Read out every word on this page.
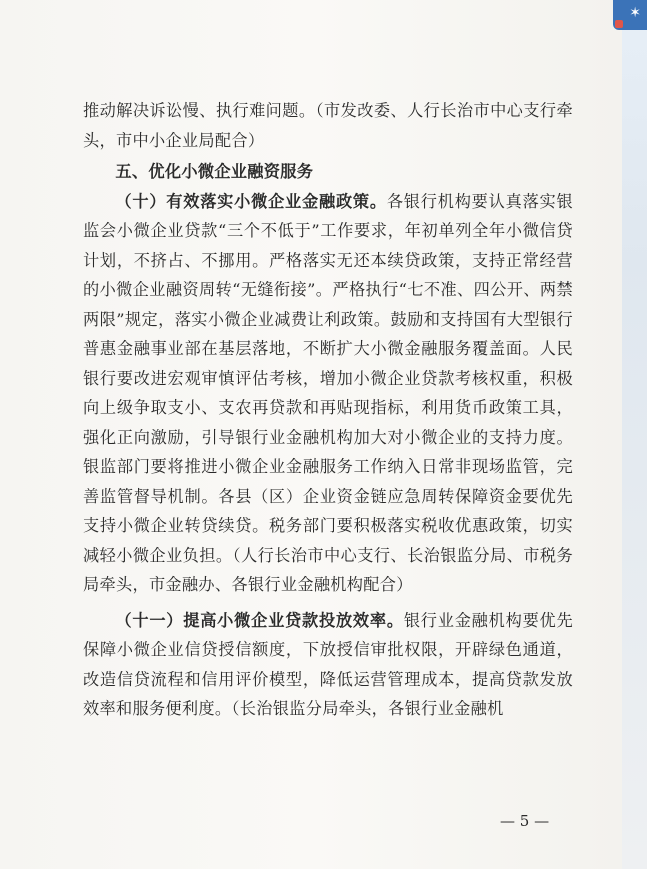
推动解决诉讼慢、执行难问题。（市发改委、人行长治市中心支行牵头，市中小企业局配合）

五、优化小微企业融资服务

（十）有效落实小微企业金融政策。各银行机构要认真落实银监会小微企业贷款“三个不低于”工作要求，年初单列全年小微信贷计划，不挤占、不挪用。严格落实无还本续贷政策，支持正常经营的小微企业融资周转“无缝衔接”。严格执行“七不准、四公开、两禁两限”规定，落实小微企业减费让利政策。鼓励和支持国有大型银行普惠金融事业部在基层落地，不断扩大小微金融服务覆盖面。人民银行要改进宏观审慎评估考核，增加小微企业贷款考核权重，积极向上级争取支小、支农再贷款和再贴现指标，利用货币政策工具，强化正向激励，引导银行业金融机构加大对小微企业的支持力度。银监部门要将推进小微企业金融服务工作纳入日常非现场监管，完善监管督导机制。各县（区）企业资金链应急周转保障资金要优先支持小微企业转贷续贷。税务部门要积极落实税收优惠政策，切实减轻小微企业负担。（人行长治市中心支行、长治银监分局、市税务局牵头，市金融办、各银行业金融机构配合）

（十一）提高小微企业贷款投放效率。银行业金融机构要优先保障小微企业信贷授信额度，下放授信审批权限，开辟绿色通道，改造信贷流程和信用评价模型，降低运营管理成本，提高贷款发放效率和服务便利度。（长治银监分局牵头，各银行业金融机

— 5 —
✶
